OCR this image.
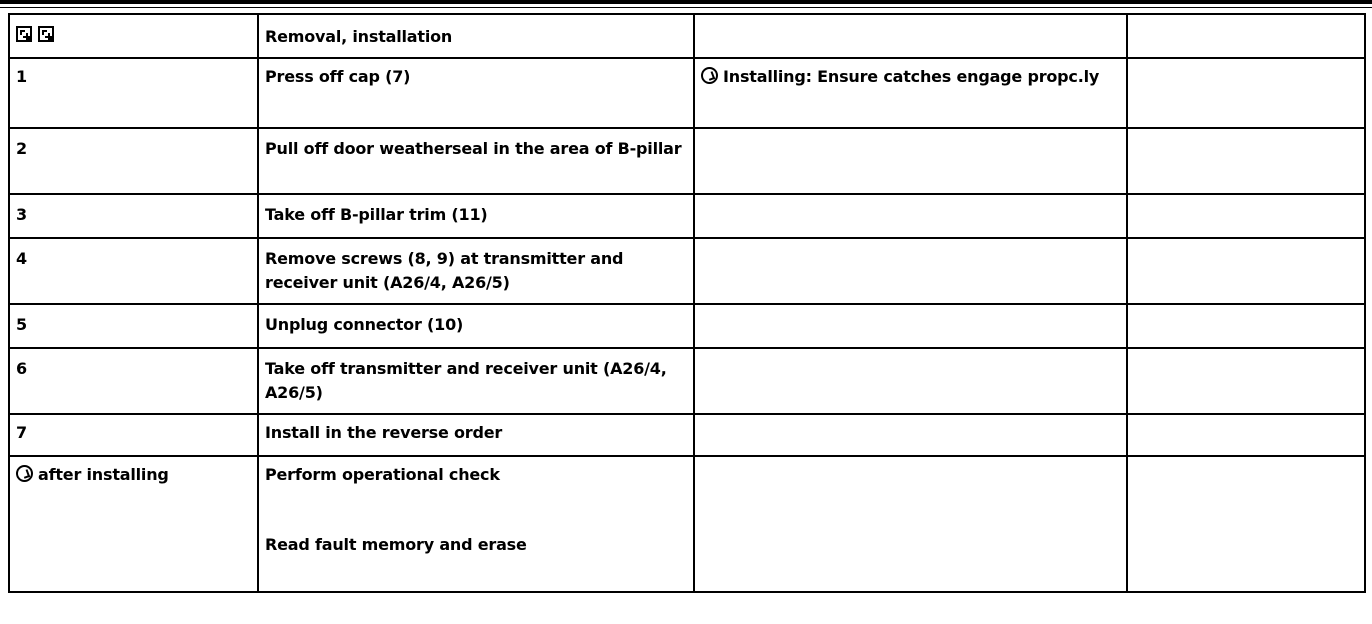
	Removal, installation		
1	Press off cap (7)	Installing: Ensure catches engage propc.ly	
2	Pull off door weatherseal in the area of B-pillar		
3	Take off B-pillar trim (11)		
4	Remove screws (8, 9) at transmitter and receiver unit (A26/4, A26/5)		
5	Unplug connector (10)		
6	Take off transmitter and receiver unit (A26/4, A26/5)		
7	Install in the reverse order		
after installing	Perform operational check
Read fault memory and erase		
